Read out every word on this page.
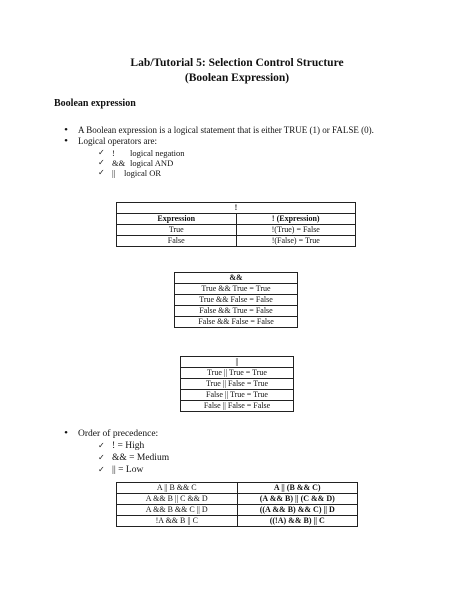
Lab/Tutorial 5: Selection Control Structure
(Boolean Expression)
Boolean expression
•
A Boolean expression is a logical statement that is either TRUE (1) or FALSE (0).
•
Logical operators are:
✓ ! logical negation
✓ && logical AND
✓ || logical OR
!	
Expression	! (Expression)
True	!(True) = False
False	!(False) = True
&&
True && True = True
True && False = False
False && True = False
False && False = False
||
True || True = True
True || False = True
False || True = True
False || False = False
•
Order of precedence:
✓ ! = High
✓ && = Medium
✓ || = Low
A || B && C	A || (B && C)
A && B || C && D	(A && B) || (C && D)
A && B && C || D	((A && B) && C) || D
!A && B || C	((!A) && B) || C
